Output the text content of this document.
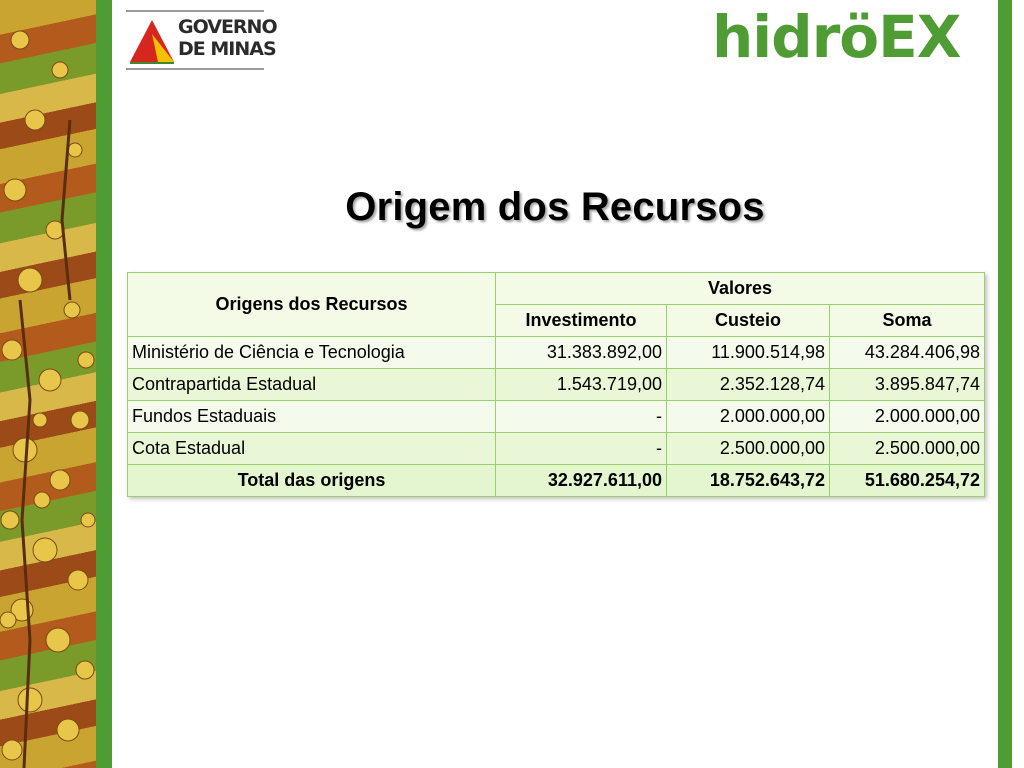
GOVERNO
DE MINAS	hidröEX
Origem dos Recursos
Origens dos Recursos	Valores		
	Investimento	Custeio	Soma
Ministério de Ciência e Tecnologia	31.383.892,00	11.900.514,98	43.284.406,98
Contrapartida Estadual	1.543.719,00	2.352.128,74	3.895.847,74
Fundos Estaduais	-	2.000.000,00	2.000.000,00
Cota Estadual	-	2.500.000,00	2.500.000,00
Total das origens	32.927.611,00	18.752.643,72	51.680.254,72
